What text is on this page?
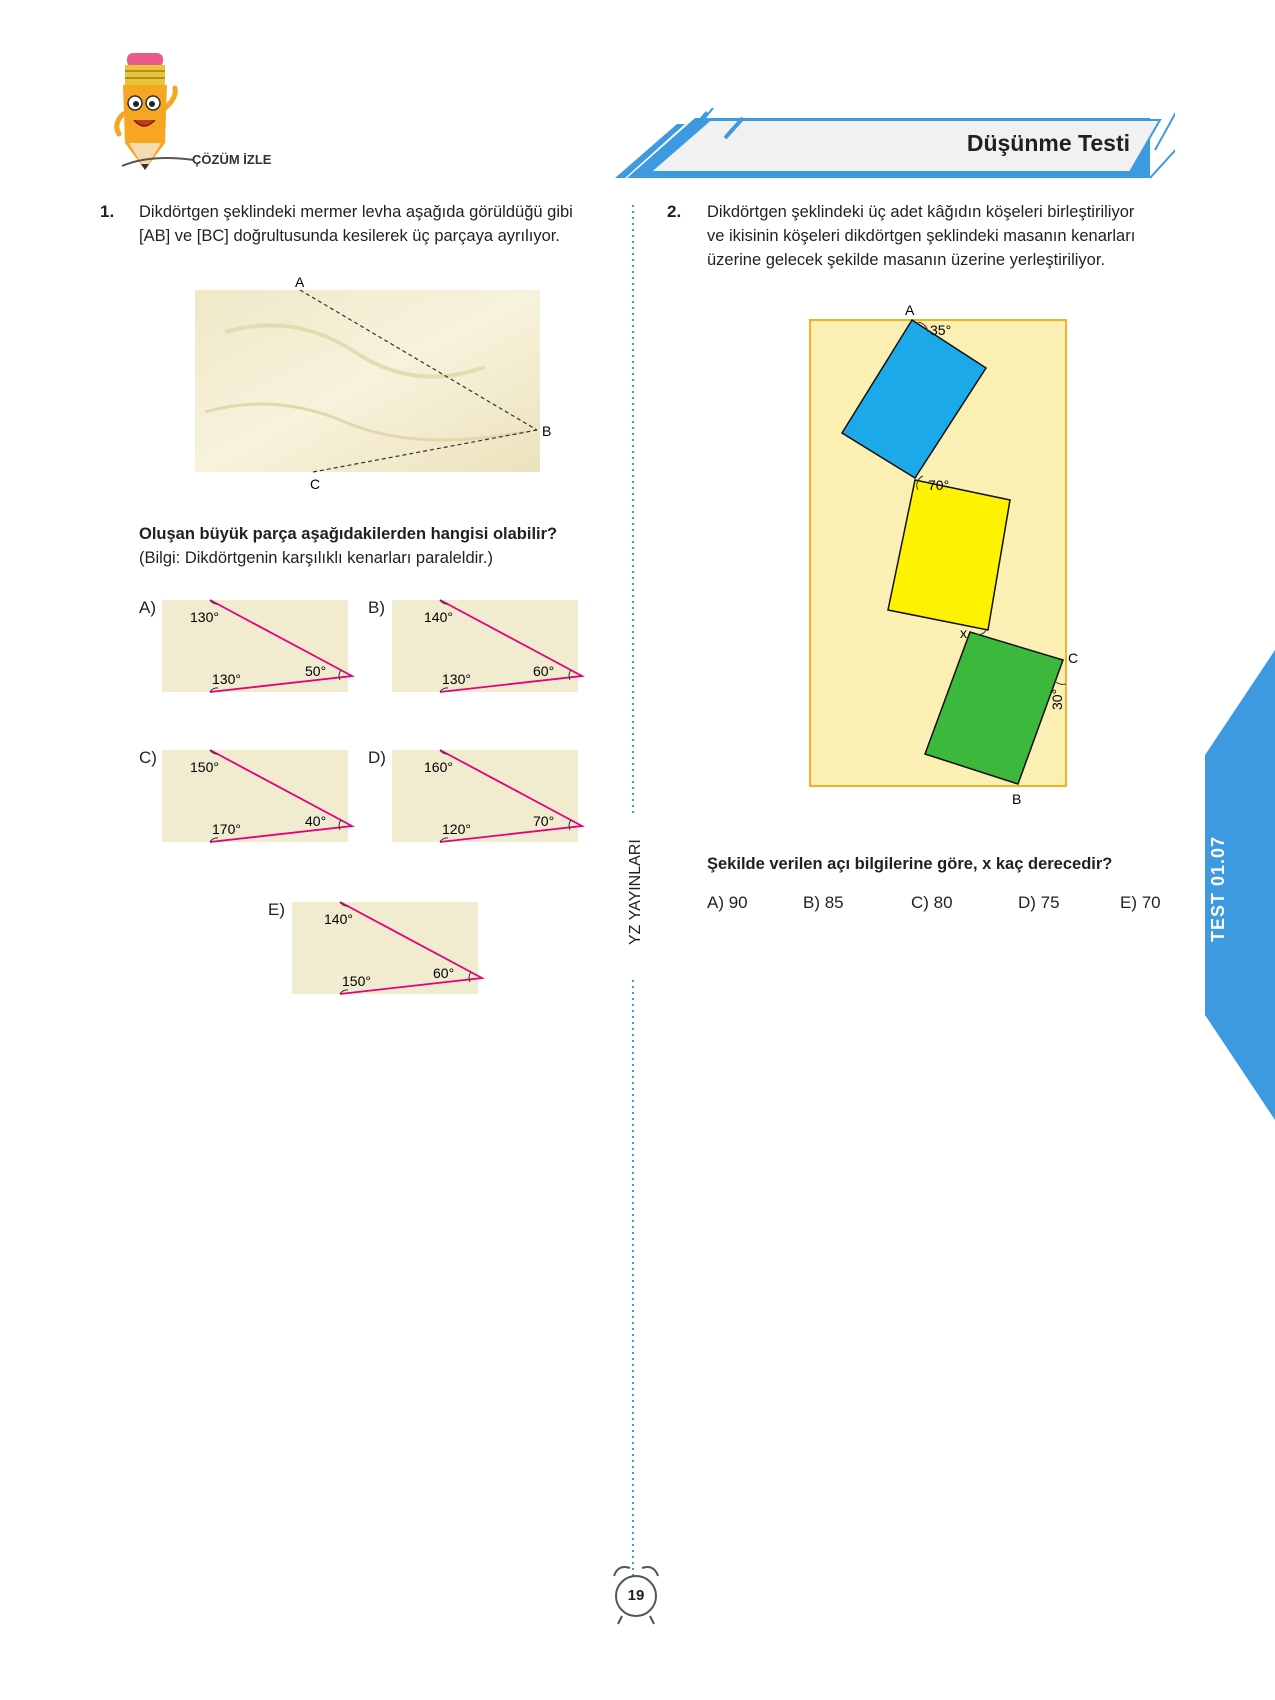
ÇÖZÜM İZLE
Düşünme Testi
YZ YAYINLARI
19
TEST 01.07
1. Dikdörtgen şeklindeki mermer levha aşağıda görüldüğü gibi
[AB] ve [BC] doğrultusunda kesilerek üç parçaya ayrılıyor.
A
B
C
Oluşan büyük parça aşağıdakilerden hangisi olabilir?
(Bilgi: Dikdörtgenin karşılıklı kenarları paraleldir.)
A) 130°
130°	50°
B)	140°
130°	60°
C) 150°
170°	40°
D)	160°
120°	70°
E)	140°
150°	60°
2. Dikdörtgen şeklindeki üç adet kâğıdın köşeleri birleştiriliyor
ve ikisinin köşeleri dikdörtgen şeklindeki masanın kenarları
üzerine gelecek şekilde masanın üzerine yerleştiriliyor.
A
B
C
x
35°
70°
30°
Şekilde verilen açı bilgilerine göre, x kaç derecedir?
A) 90	B) 85	C) 80	D) 75	E) 70
